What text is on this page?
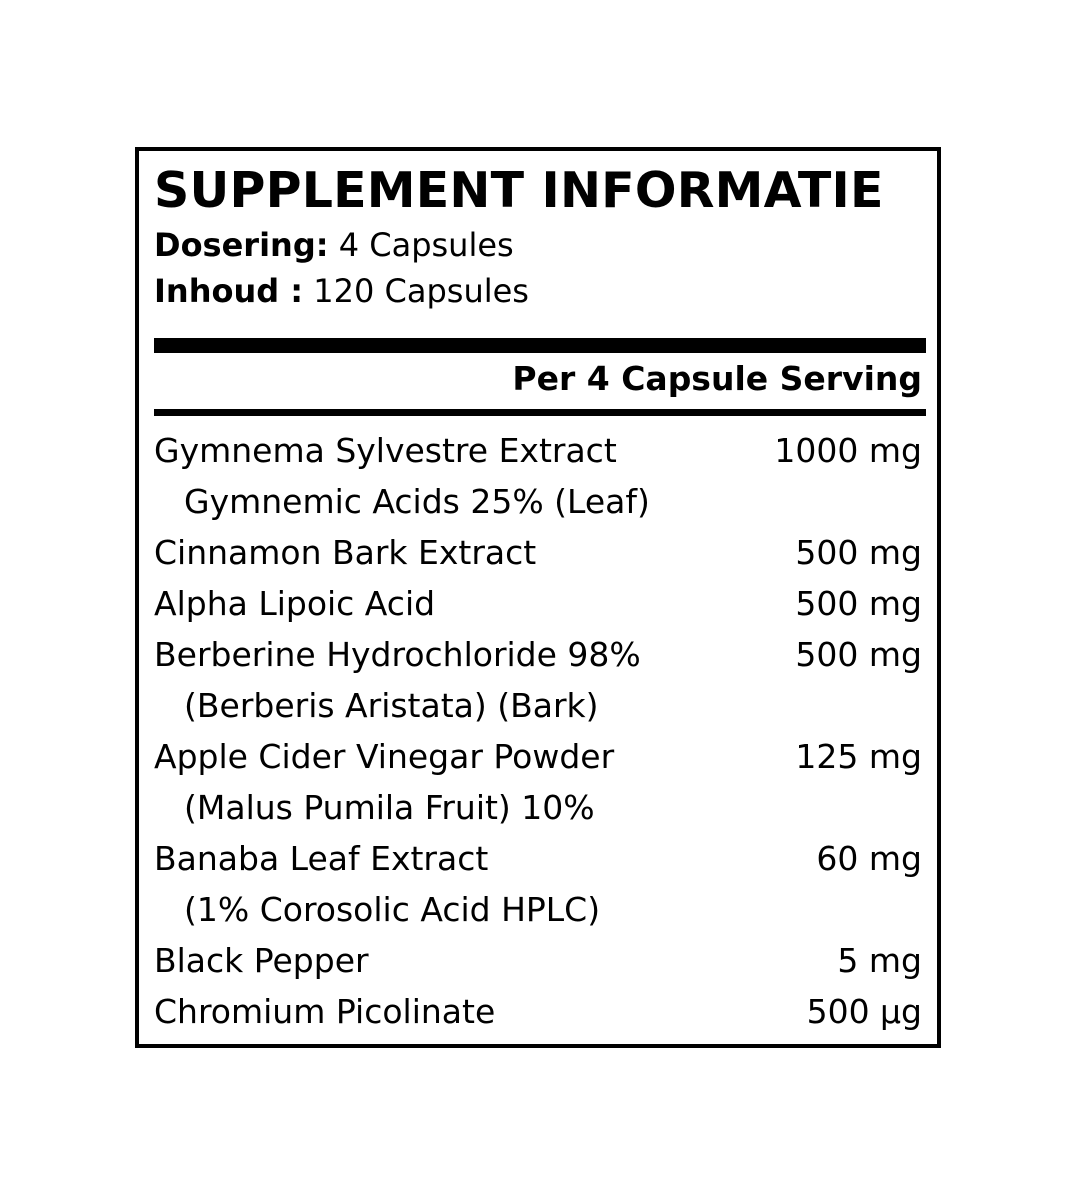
SUPPLEMENT INFORMATIE
Dosering: 4 Capsules
Inhoud : 120 Capsules
Per 4 Capsule Serving
Gymnema Sylvestre Extract	1000 mg
Gymnemic Acids 25% (Leaf)
Cinnamon Bark Extract	500 mg
Alpha Lipoic Acid	500 mg
Berberine Hydrochloride 98%	500 mg
(Berberis Aristata) (Bark)
Apple Cider Vinegar Powder	125 mg
(Malus Pumila Fruit) 10%
Banaba Leaf Extract	60 mg
(1% Corosolic Acid HPLC)
Black Pepper	5 mg
Chromium Picolinate	500 µg
